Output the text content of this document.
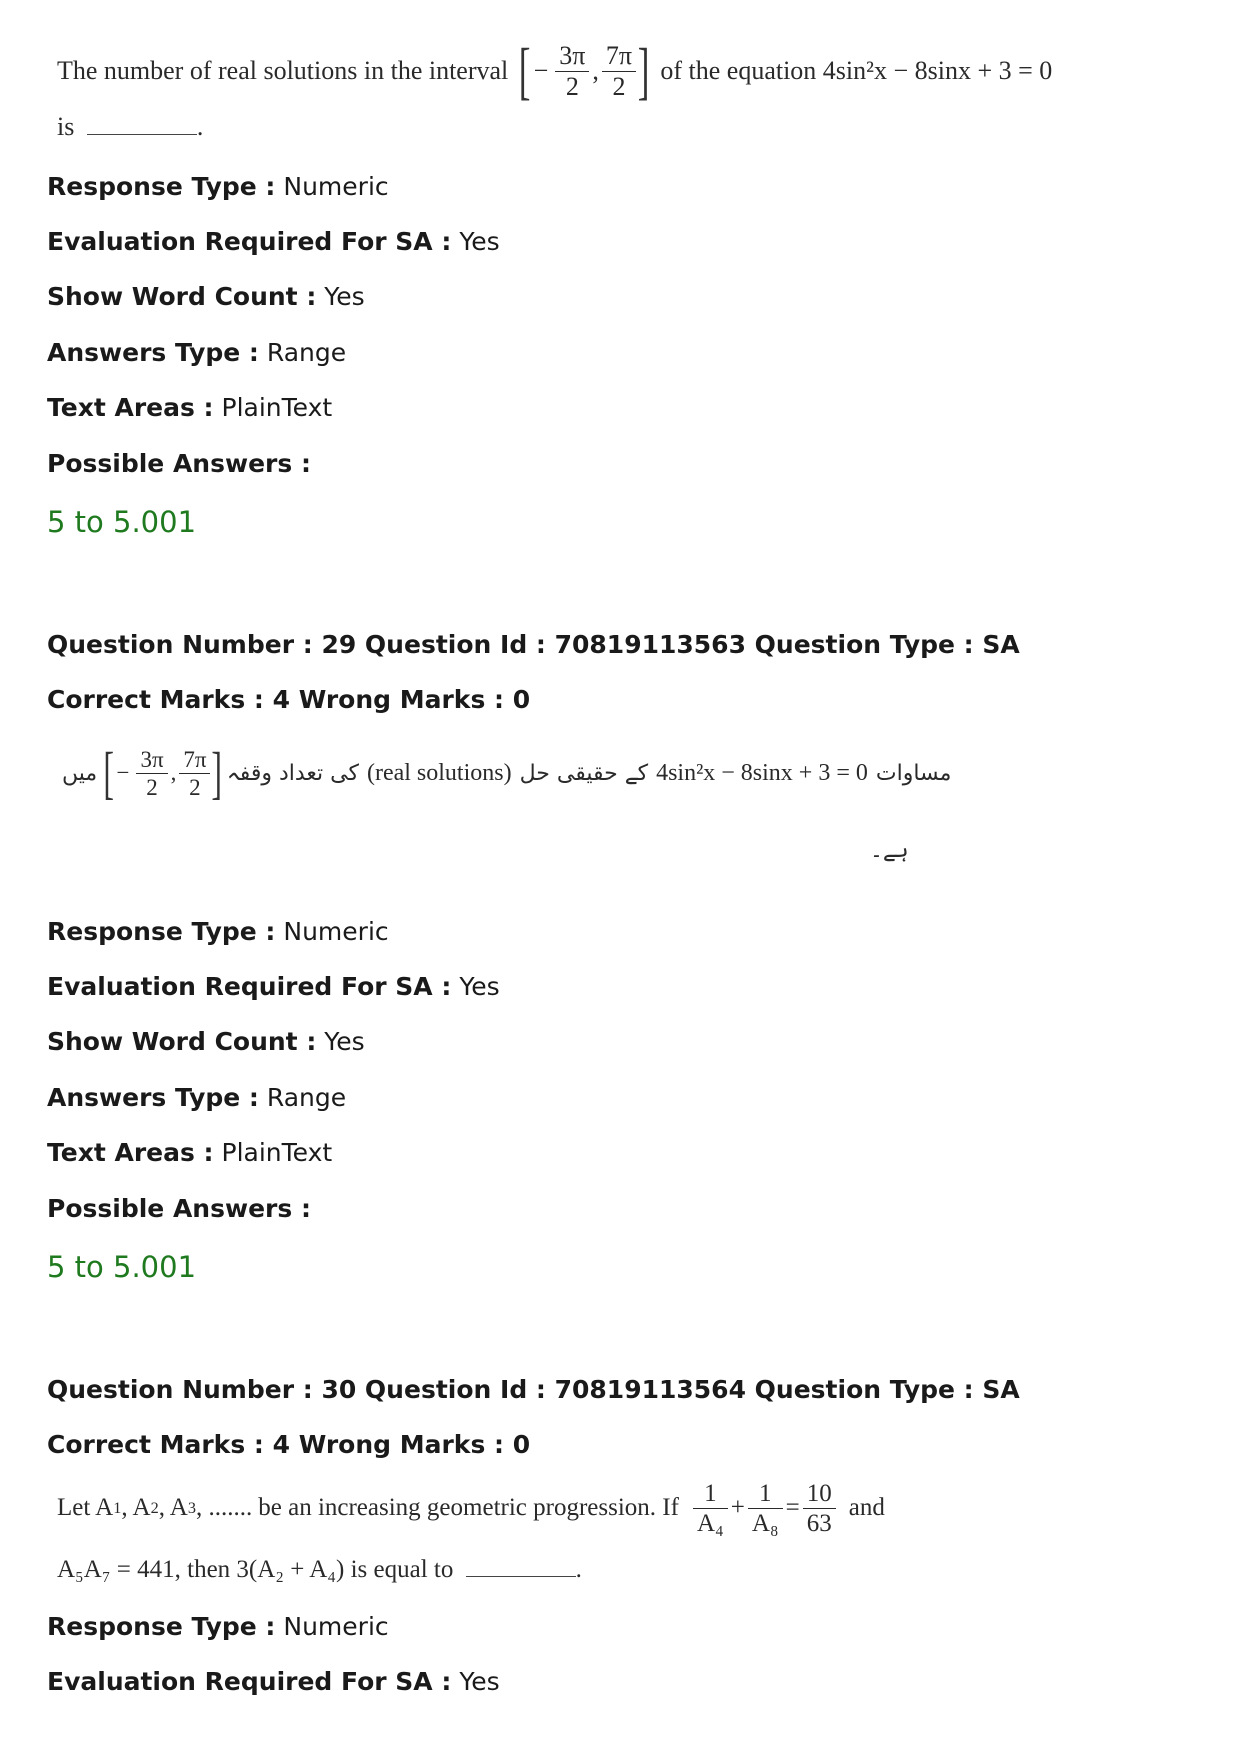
The number of real solutions in the interval [ − $\frac{3\pi}{2}$ , $\frac{7\pi}{2}$ ] of the equation 4sin²x − 8sinx + 3 = 0
is	.
Response Type : Numeric
Evaluation Required For SA : Yes
Show Word Count : Yes
Answers Type : Range
Text Areas : PlainText
Possible Answers :
5 to 5.001
Question Number : 29 Question Id : 70819113563 Question Type : SA
Correct Marks : 4 Wrong Marks : 0
مساوات
4sin²x − 8sinx + 3 = 0
کے حقیقی حل
(real solutions)
کی تعداد وقفہ
[ − $\frac{3\pi}{2}$ , $\frac{7\pi}{2}$ ]
میں
ہے۔
Response Type : Numeric
Evaluation Required For SA : Yes
Show Word Count : Yes
Answers Type : Range
Text Areas : PlainText
Possible Answers :
5 to 5.001
Question Number : 30 Question Id : 70819113564 Question Type : SA
Correct Marks : 4 Wrong Marks : 0
Let A 1 , A 2 , A 3 , ....... be an increasing geometric progression. If $\frac{1}{\text{A₄}} + \frac{1}{\text{A₈}} = \frac{10}{63}$ and
A₅A₇ = 441, then 3(A₂ + A₄) is equal to	.
Response Type : Numeric
Evaluation Required For SA : Yes
